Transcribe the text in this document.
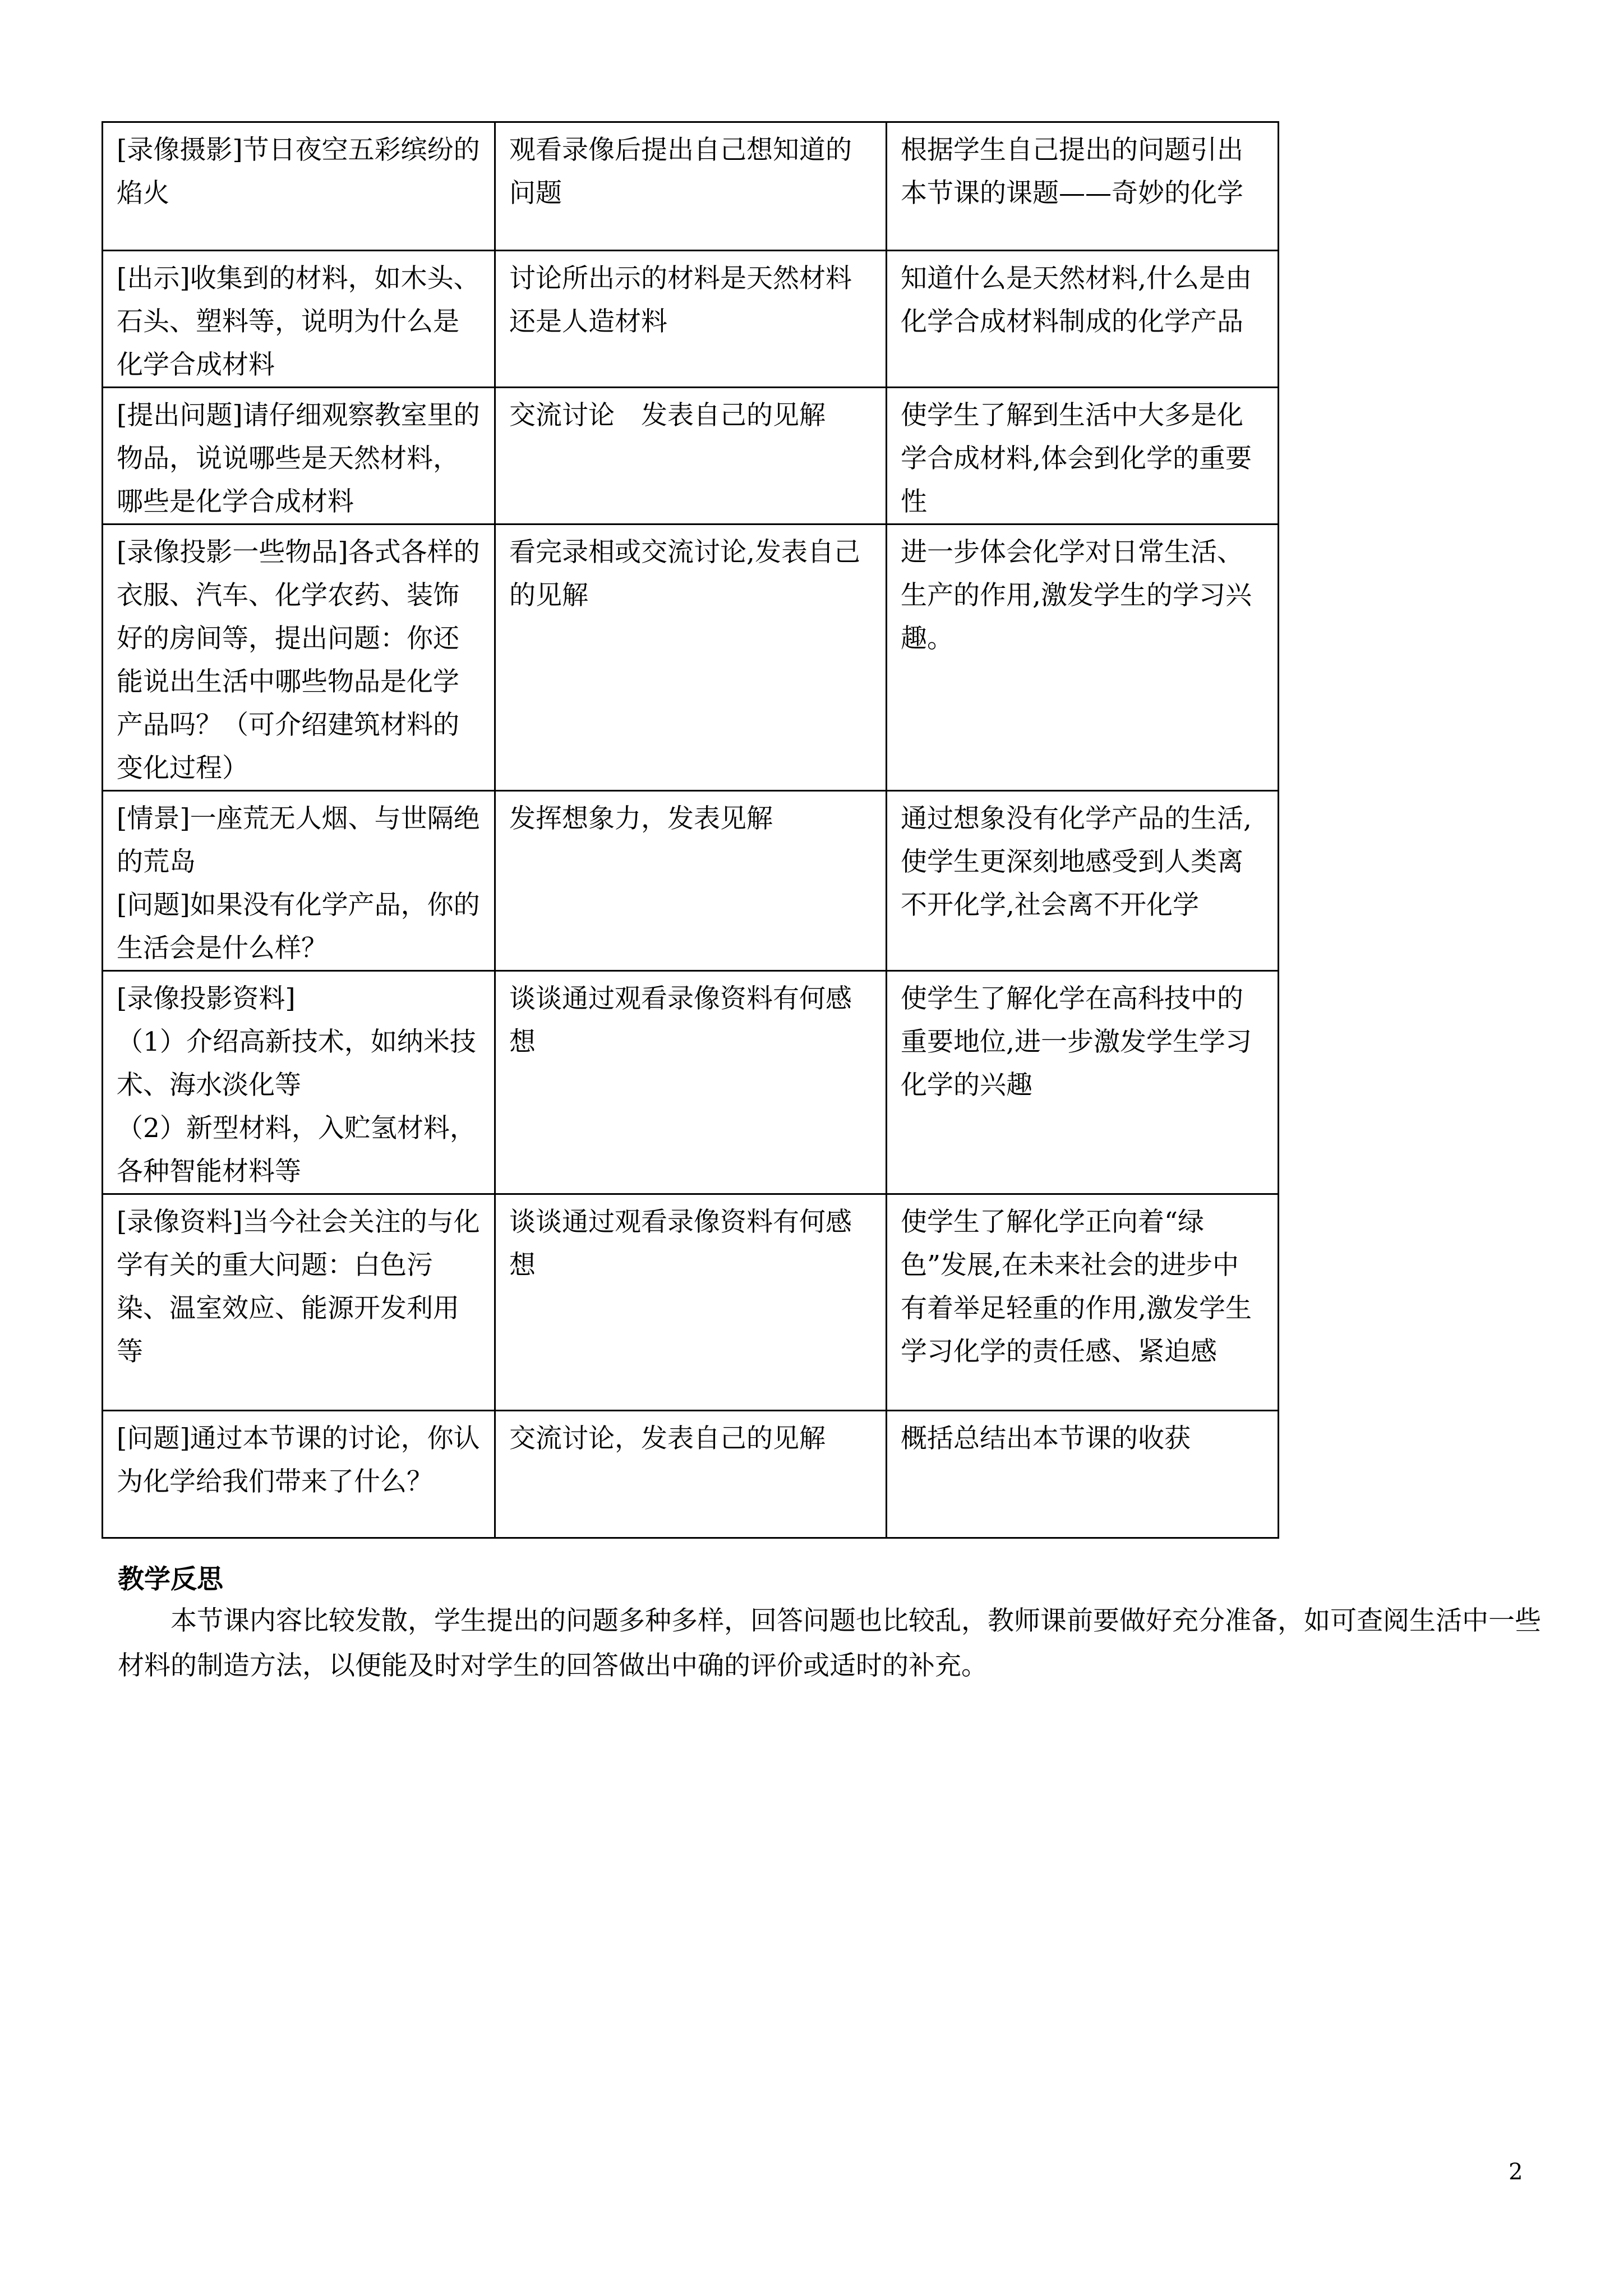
[录像摄影]节日夜空五彩缤纷的焰火	观看录像后提出自己想知道的问题	根据学生自己提出的问题引出本节课的课题——奇妙的化学

[出示]收集到的材料，如木头、石头、塑料等，说明为什么是化学合成材料	讨论所出示的材料是天然材料还是人造材料	知道什么是天然材料,什么是由化学合成材料制成的化学产品

[提出问题]请仔细观察教室里的物品，说说哪些是天然材料，哪些是化学合成材料	交流讨论　发表自己的见解	使学生了解到生活中大多是化学合成材料,体会到化学的重要性

[录像投影一些物品]各式各样的衣服、汽车、化学农药、装饰好的房间等，提出问题：你还能说出生活中哪些物品是化学产品吗？（可介绍建筑材料的变化过程）	看完录相或交流讨论,发表自己的见解	进一步体会化学对日常生活、生产的作用,激发学生的学习兴趣。

[情景]一座荒无人烟、与世隔绝的荒岛
[问题]如果没有化学产品，你的生活会是什么样？	发挥想象力，发表见解	通过想象没有化学产品的生活,使学生更深刻地感受到人类离不开化学,社会离不开化学

[录像投影资料]
（1）介绍高新技术，如纳米技术、海水淡化等
（2）新型材料，入贮氢材料，各种智能材料等	谈谈通过观看录像资料有何感想	使学生了解化学在高科技中的重要地位,进一步激发学生学习化学的兴趣

[录像资料]当今社会关注的与化学有关的重大问题：白色污染、温室效应、能源开发利用等	谈谈通过观看录像资料有何感想	使学生了解化学正向着“绿色”发展,在未来社会的进步中有着举足轻重的作用,激发学生学习化学的责任感、紧迫感

[问题]通过本节课的讨论，你认为化学给我们带来了什么？	交流讨论，发表自己的见解	概括总结出本节课的收获
教学反思

本节课内容比较发散，学生提出的问题多种多样，回答问题也比较乱，教师课前要做好充分准备，如可查阅生活中一些材料的制造方法，以便能及时对学生的回答做出中确的评价或适时的补充。

2
